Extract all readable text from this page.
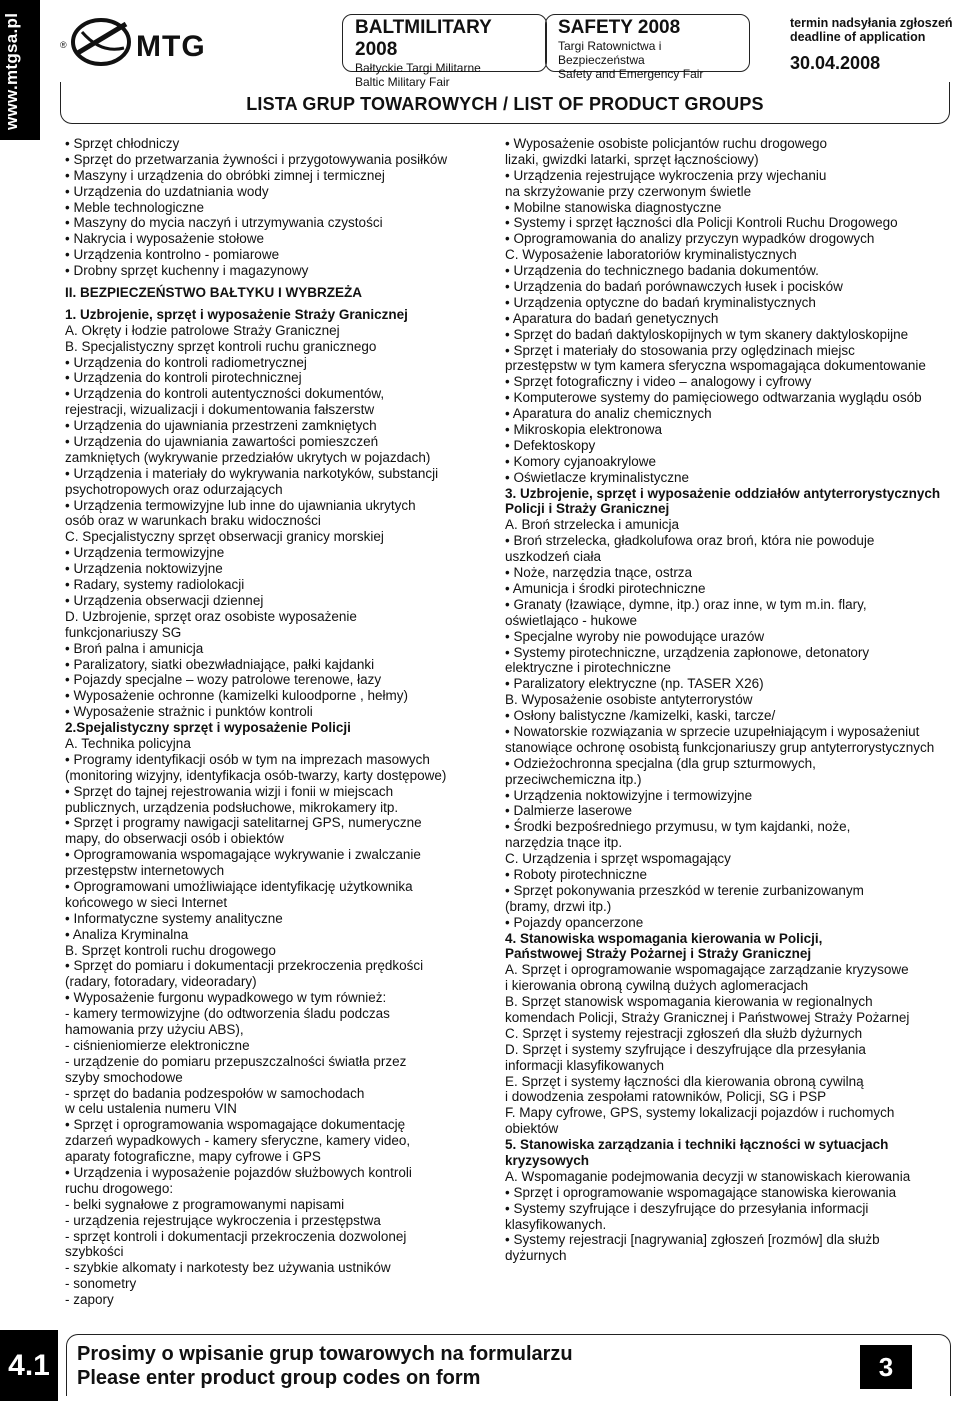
www.mtgsa.pl	® MTG
BALTMILITARY 2008
Bałtyckie Targi Militarne
Baltic Military Fair
SAFETY 2008
Targi Ratownictwa i Bezpieczeństwa
Safety and Emergency Fair
termin nadsyłania zgłoszeń
deadline of application
30.04.2008
LISTA GRUP TOWAROWYCH / LIST OF PRODUCT GROUPS
• Sprzęt chłodniczy
• Sprzęt do przetwarzania żywności i przygotowywania posiłków
• Maszyny i urządzenia do obróbki zimnej i termicznej
• Urządzenia do uzdatniania wody
• Meble technologiczne
• Maszyny do mycia naczyń i utrzymywania czystości
• Nakrycia i wyposażenie stołowe
• Urządzenia kontrolno - pomiarowe
• Drobny sprzęt kuchenny i magazynowy
II. BEZPIECZEŃSTWO BAŁTYKU I WYBRZEŻA
1. Uzbrojenie, sprzęt i wyposażenie Straży Granicznej
A. Okręty i łodzie patrolowe Straży Granicznej
B. Specjalistyczny sprzęt kontroli ruchu granicznego
• Urządzenia do kontroli radiometrycznej
• Urządzenia do kontroli pirotechnicznej
• Urządzenia do kontroli autentyczności dokumentów,
rejestracji, wizualizacji i dokumentowania fałszerstw
• Urządzenia do ujawniania przestrzeni zamkniętych
• Urządzenia do ujawniania zawartości pomieszczeń
zamkniętych (wykrywanie przedziałów ukrytych w pojazdach)
• Urządzenia i materiały do wykrywania narkotyków, substancji
psychotropowych oraz odurzających
• Urządzenia termowizyjne lub inne do ujawniania ukrytych
osób oraz w warunkach braku widoczności
C. Specjalistyczny sprzęt obserwacji granicy morskiej
• Urządzenia termowizyjne
• Urządzenia noktowizyjne
• Radary, systemy radiolokacji
• Urządzenia obserwacji dziennej
D. Uzbrojenie, sprzęt oraz osobiste wyposażenie
funkcjonariuszy SG
• Broń palna i amunicja
• Paralizatory, siatki obezwładniające, pałki kajdanki
• Pojazdy specjalne – wozy patrolowe terenowe, łazy
• Wyposażenie ochronne (kamizelki kuloodporne , hełmy)
• Wyposażenie strażnic i punktów kontroli
2.Spejalistyczny sprzęt i wyposażenie Policji
A. Technika policyjna
• Programy identyfikacji osób w tym na imprezach masowych
(monitoring wizyjny, identyfikacja osób-twarzy, karty dostępowe)
• Sprzęt do tajnej rejestrowania wizji i fonii w miejscach
publicznych, urządzenia podsłuchowe, mikrokamery itp.
• Sprzęt i programy nawigacji satelitarnej GPS, numeryczne
mapy, do obserwacji osób i obiektów
• Oprogramowania wspomagające wykrywanie i zwalczanie
przestępstw internetowych
• Oprogramowani umożliwiające identyfikację użytkownika
końcowego w sieci Internet
• Informatyczne systemy analityczne
• Analiza Kryminalna
B. Sprzęt kontroli ruchu drogowego
• Sprzęt do pomiaru i dokumentacji przekroczenia prędkości
(radary, fotoradary, videoradary)
• Wyposażenie furgonu wypadkowego w tym również:
- kamery termowizyjne (do odtworzenia śladu podczas
hamowania przy użyciu ABS),
- ciśnieniomierze elektroniczne
- urządzenie do pomiaru przepuszczalności światła przez
szyby smochodowe
- sprzęt do badania podzespołów w samochodach
w celu ustalenia numeru VIN
• Sprzęt i oprogramowania wspomagające dokumentację
zdarzeń wypadkowych - kamery sferyczne, kamery video,
aparaty fotograficzne, mapy cyfrowe i GPS
• Urządzenia i wyposażenie pojazdów służbowych kontroli
ruchu drogowego:
- belki sygnałowe z programowanymi napisami
- urządzenia rejestrujące wykroczenia i przestępstwa
- sprzęt kontroli i dokumentacji przekroczenia dozwolonej
szybkości
- szybkie alkomaty i narkotesty bez używania ustników
- sonometry
- zapory
• Wyposażenie osobiste policjantów ruchu drogowego
lizaki, gwizdki latarki, sprzęt łącznościowy)
• Urządzenia rejestrujące wykroczenia przy wjechaniu
na skrzyżowanie przy czerwonym świetle
• Mobilne stanowiska diagnostyczne
• Systemy i sprzęt łączności dla Policji Kontroli Ruchu Drogowego
• Oprogramowania do analizy przyczyn wypadków drogowych
C. Wyposażenie laboratoriów kryminalistycznych
• Urządzenia do technicznego badania dokumentów.
• Urządzenia do badań porównawczych łusek i pocisków
• Urządzenia optyczne do badań kryminalistycznych
• Aparatura do badań genetycznych
• Sprzęt do badań daktyloskopijnych w tym skanery daktyloskopijne
• Sprzęt i materiały do stosowania przy oględzinach miejsc
przestępstw w tym kamera sferyczna wspomagająca dokumentowanie
• Sprzęt fotograficzny i video – analogowy i cyfrowy
• Komputerowe systemy do pamięciowego odtwarzania wyglądu osób
• Aparatura do analiz chemicznych
• Mikroskopia elektronowa
• Defektoskopy
• Komory cyjanoakrylowe
• Oświetlacze kryminalistyczne
3. Uzbrojenie, sprzęt i wyposażenie oddziałów antyterrorystycznych
Policji i Straży Granicznej
A. Broń strzelecka i amunicja
• Broń strzelecka, gładkolufowa oraz broń, która nie powoduje
uszkodzeń ciała
• Noże, narzędzia tnące, ostrza
• Amunicja i środki pirotechniczne
• Granaty (łzawiące, dymne, itp.) oraz inne, w tym m.in. flary,
oświetlająco - hukowe
• Specjalne wyroby nie powodujące urazów
• Systemy pirotechniczne, urządzenia zapłonowe, detonatory
elektryczne i pirotechniczne
• Paralizatory elektryczne (np. TASER X26)
B. Wyposażenie osobiste antyterrorystów
• Osłony balistyczne /kamizelki, kaski, tarcze/
• Nowatorskie rozwiązania w sprzecie uzupełniającym i wyposażeniut
stanowiące ochronę osobistą funkcjonariuszy grup antyterrorystycznych
• Odzieżochronna specjalna (dla grup szturmowych,
przeciwchemiczna itp.)
• Urządzenia noktowizyjne i termowizyjne
• Dalmierze laserowe
• Środki bezpośredniego przymusu, w tym kajdanki, noże,
narzędzia tnące itp.
C. Urządzenia i sprzęt wspomagający
• Roboty pirotechniczne
• Sprzęt pokonywania przeszkód w terenie zurbanizowanym
(bramy, drzwi itp.)
• Pojazdy opancerzone
4. Stanowiska wspomagania kierowania w Policji,
Państwowej Straży Pożarnej i Straży Granicznej
A. Sprzęt i oprogramowanie wspomagające zarządzanie kryzysowe
i kierowania obroną cywilną dużych aglomeracjach
B. Sprzęt stanowisk wspomagania kierowania w regionalnych
komendach Policji, Straży Granicznej i Państwowej Straży Pożarnej
C. Sprzęt i systemy rejestracji zgłoszeń dla służb dyżurnych
D. Sprzęt i systemy szyfrujące i deszyfrujące dla przesyłania
informacji klasyfikowanych
E. Sprzęt i systemy łączności dla kierowania obroną cywilną
i dowodzenia zespołami ratowników, Policji, SG i PSP
F. Mapy cyfrowe, GPS, systemy lokalizacji pojazdów i ruchomych
obiektów
5. Stanowiska zarządzania i techniki łączności w sytuacjach
kryzysowych
A. Wspomaganie podejmowania decyzji w stanowiskach kierowania
• Sprzęt i oprogramowanie wspomagające stanowiska kierowania
• Systemy szyfrujące i deszyfrujące do przesyłania informacji
klasyfikowanych.
• Systemy rejestracji [nagrywania] zgłoszeń [rozmów] dla służb
dyżurnych
4.1	Prosimy o wpisanie grup towarowych na formularzu
Please enter product group codes on form	3
